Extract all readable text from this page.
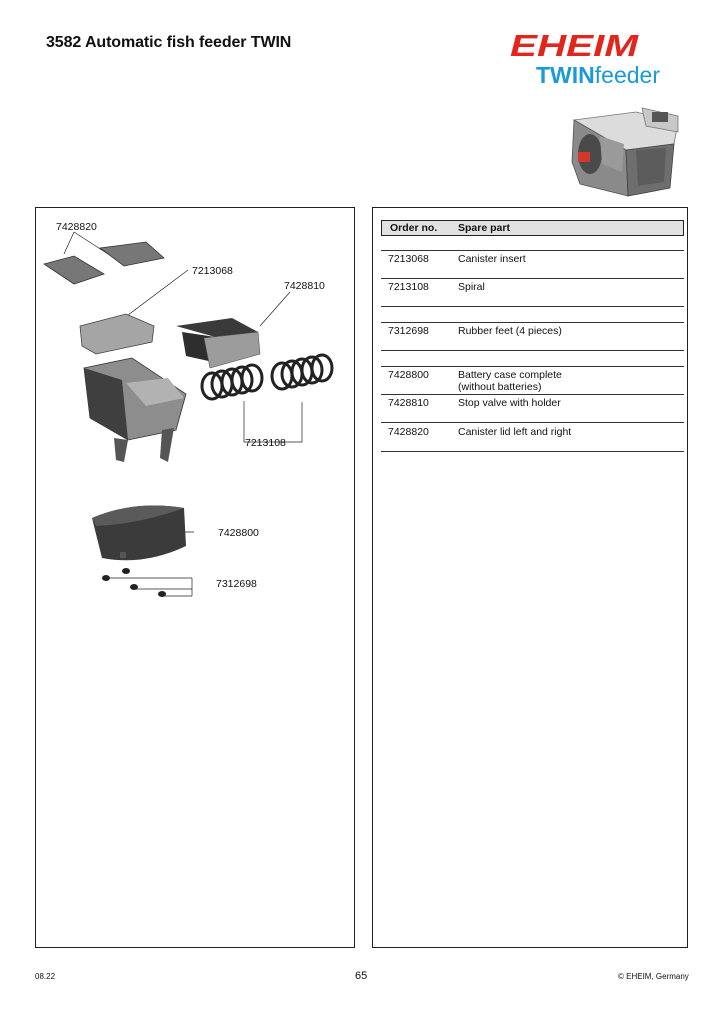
3582 Automatic fish feeder TWIN	EHEIM
TWINfeeder
7428820
7213068
7428810
7213108
7428800
7312698
Order no. Spare part
7213068	Canister insert
7213108	Spiral
7312698	Rubber feet (4 pieces)
7428800	Battery case complete
(without batteries)
7428810	Stop valve with holder
7428820	Canister lid left and right
08.22	65	© EHEIM, Germany
